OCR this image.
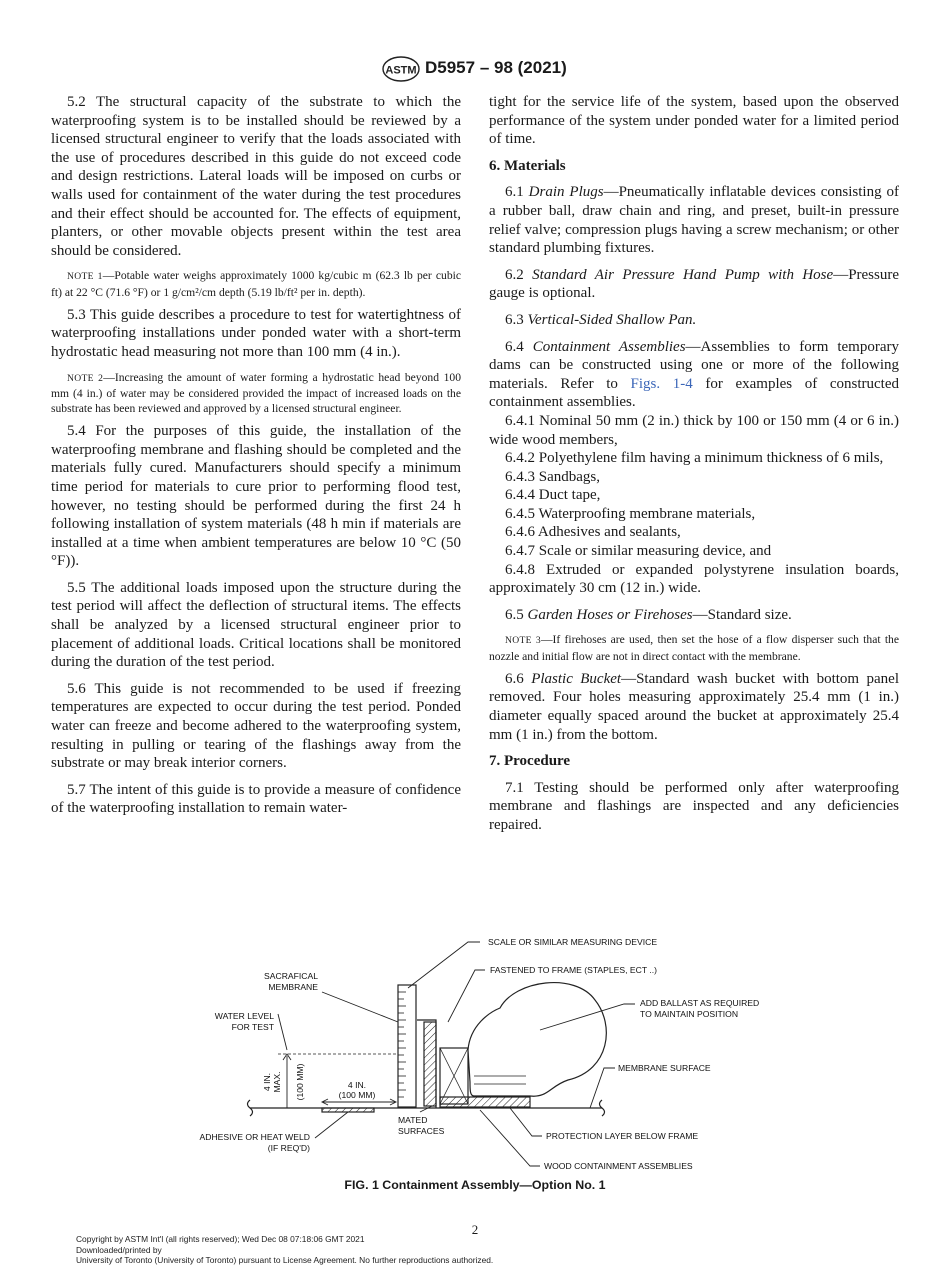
ASTM D5957 – 98 (2021)

5.2 The structural capacity of the substrate to which the waterproofing system is to be installed should be reviewed by a licensed structural engineer to verify that the loads associated with the use of procedures described in this guide do not exceed code and design restrictions. Lateral loads will be imposed on curbs or walls used for containment of the water during the test procedures and their effect should be accounted for. The effects of equipment, planters, or other movable objects present within the test area should be considered.

NOTE 1—Potable water weighs approximately 1000 kg/cubic m (62.3 lb per cubic ft) at 22 °C (71.6 °F) or 1 g/cm²/cm depth (5.19 lb/ft² per in. depth).

5.3 This guide describes a procedure to test for watertightness of waterproofing installations under ponded water with a short-term hydrostatic head measuring not more than 100 mm (4 in.).

NOTE 2—Increasing the amount of water forming a hydrostatic head beyond 100 mm (4 in.) of water may be considered provided the impact of increased loads on the substrate has been reviewed and approved by a licensed structural engineer.

5.4 For the purposes of this guide, the installation of the waterproofing membrane and flashing should be completed and the materials fully cured. Manufacturers should specify a minimum time period for materials to cure prior to performing flood test, however, no testing should be performed during the first 24 h following installation of system materials (48 h min if materials are installed at a time when ambient temperatures are below 10 °C (50 °F)).

5.5 The additional loads imposed upon the structure during the test period will affect the deflection of structural items. The effects shall be analyzed by a licensed structural engineer prior to placement of additional loads. Critical locations shall be monitored during the duration of the test period.

5.6 This guide is not recommended to be used if freezing temperatures are expected to occur during the test period. Ponded water can freeze and become adhered to the waterproofing system, resulting in pulling or tearing of the flashings away from the substrate or may break interior corners.

5.7 The intent of this guide is to provide a measure of confidence of the waterproofing installation to remain water-

tight for the service life of the system, based upon the observed performance of the system under ponded water for a limited period of time.

6. Materials

6.1 Drain Plugs—Pneumatically inflatable devices consisting of a rubber ball, draw chain and ring, and preset, built-in pressure relief valve; compression plugs having a screw mechanism; or other standard plumbing fixtures.

6.2 Standard Air Pressure Hand Pump with Hose—Pressure gauge is optional.

6.3 Vertical-Sided Shallow Pan.

6.4 Containment Assemblies—Assemblies to form temporary dams can be constructed using one or more of the following materials. Refer to Figs. 1-4 for examples of constructed containment assemblies.

6.4.1 Nominal 50 mm (2 in.) thick by 100 or 150 mm (4 or 6 in.) wide wood members,

6.4.2 Polyethylene film having a minimum thickness of 6 mils,

6.4.3 Sandbags,

6.4.4 Duct tape,

6.4.5 Waterproofing membrane materials,

6.4.6 Adhesives and sealants,

6.4.7 Scale or similar measuring device, and

6.4.8 Extruded or expanded polystyrene insulation boards, approximately 30 cm (12 in.) wide.

6.5 Garden Hoses or Firehoses—Standard size.

NOTE 3—If firehoses are used, then set the hose of a flow disperser such that the nozzle and initial flow are not in direct contact with the membrane.

6.6 Plastic Bucket—Standard wash bucket with bottom panel removed. Four holes measuring approximately 25.4 mm (1 in.) diameter equally spaced around the bucket at approximately 25.4 mm (1 in.) from the bottom.

7. Procedure

7.1 Testing should be performed only after waterproofing membrane and flashings are inspected and any deficiencies repaired.

SCALE OR SIMILAR MEASURING DEVICE
FASTENED TO FRAME (STAPLES, ECT ..)
SACRAFICAL
MEMBRANE
ADD BALLAST AS REQUIRED
TO MAINTAIN POSITION
WATER LEVEL
FOR TEST
MEMBRANE SURFACE
4 IN. MAX. (100 MM)	4 IN.
(100 MM)
MATED
SURFACES
ADHESIVE OR HEAT WELD
(IF REQ'D)
PROTECTION LAYER BELOW FRAME
WOOD CONTAINMENT ASSEMBLIES
FIG. 1 Containment Assembly—Option No. 1
2
Copyright by ASTM Int'l (all rights reserved); Wed Dec 08 07:18:06 GMT 2021
Downloaded/printed by
University of Toronto (University of Toronto) pursuant to License Agreement. No further reproductions authorized.
